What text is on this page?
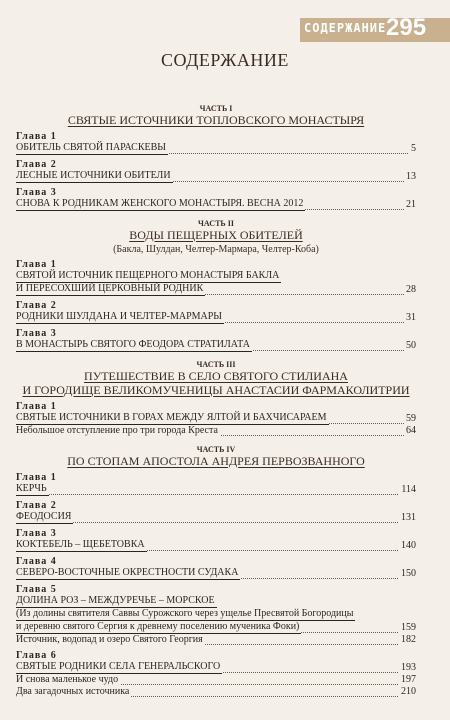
СОДЕРЖАНИЕ 295
СОДЕРЖАНИЕ
ЧАСТЬ I
СВЯТЫЕ ИСТОЧНИКИ ТОПЛОВСКОГО МОНАСТЫРЯ
Глава 1
ОБИТЕЛЬ СВЯТОЙ ПАРАСКЕВЫ	5
Глава 2
ЛЕСНЫЕ ИСТОЧНИКИ ОБИТЕЛИ	13
Глава 3
СНОВА К РОДНИКАМ ЖЕНСКОГО МОНАСТЫРЯ. ВЕСНА 2012	21
ЧАСТЬ II
ВОДЫ ПЕЩЕРНЫХ ОБИТЕЛЕЙ
(Бакла, Шулдан, Челтер-Мармара, Челтер-Коба)
Глава 1
СВЯТОЙ ИСТОЧНИК ПЕЩЕРНОГО МОНАСТЫРЯ БАКЛА
И ПЕРЕСОХШИЙ ЦЕРКОВНЫЙ РОДНИК	28
Глава 2
РОДНИКИ ШУЛДАНА И ЧЕЛТЕР-МАРМАРЫ	31
Глава 3
В МОНАСТЫРЬ СВЯТОГО ФЕОДОРА СТРАТИЛАТА	50
ЧАСТЬ III
ПУТЕШЕСТВИЕ В СЕЛО СВЯТОГО СТИЛИАНА
И ГОРОДИЩЕ ВЕЛИКОМУЧЕНИЦЫ АНАСТАСИИ ФАРМАКОЛИТРИИ
Глава 1
СВЯТЫЕ ИСТОЧНИКИ В ГОРАХ МЕЖДУ ЯЛТОЙ И БАХЧИСАРАЕМ	59
Небольшое отступление про три города Креста	64
ЧАСТЬ IV
ПО СТОПАМ АПОСТОЛА АНДРЕЯ ПЕРВОЗВАННОГО
Глава 1
КЕРЧЬ	114
Глава 2
ФЕОДОСИЯ	131
Глава 3
КОКТЕБЕЛЬ – ЩЕБЕТОВКА	140
Глава 4
СЕВЕРО-ВОСТОЧНЫЕ ОКРЕСТНОСТИ СУДАКА	150
Глава 5
ДОЛИНА РОЗ – МЕЖДУРЕЧЬЕ – МОРСКОЕ
(Из долины святителя Саввы Сурожского через ущелье Пресвятой Богородицы
и деревню святого Сергия к древнему поселению мученика Фоки)	159
Источник, водопад и озеро Святого Георгия	182
Глава 6
СВЯТЫЕ РОДНИКИ СЕЛА ГЕНЕРАЛЬСКОГО	193
И снова маленькое чудо	197
Два загадочных источника	210
